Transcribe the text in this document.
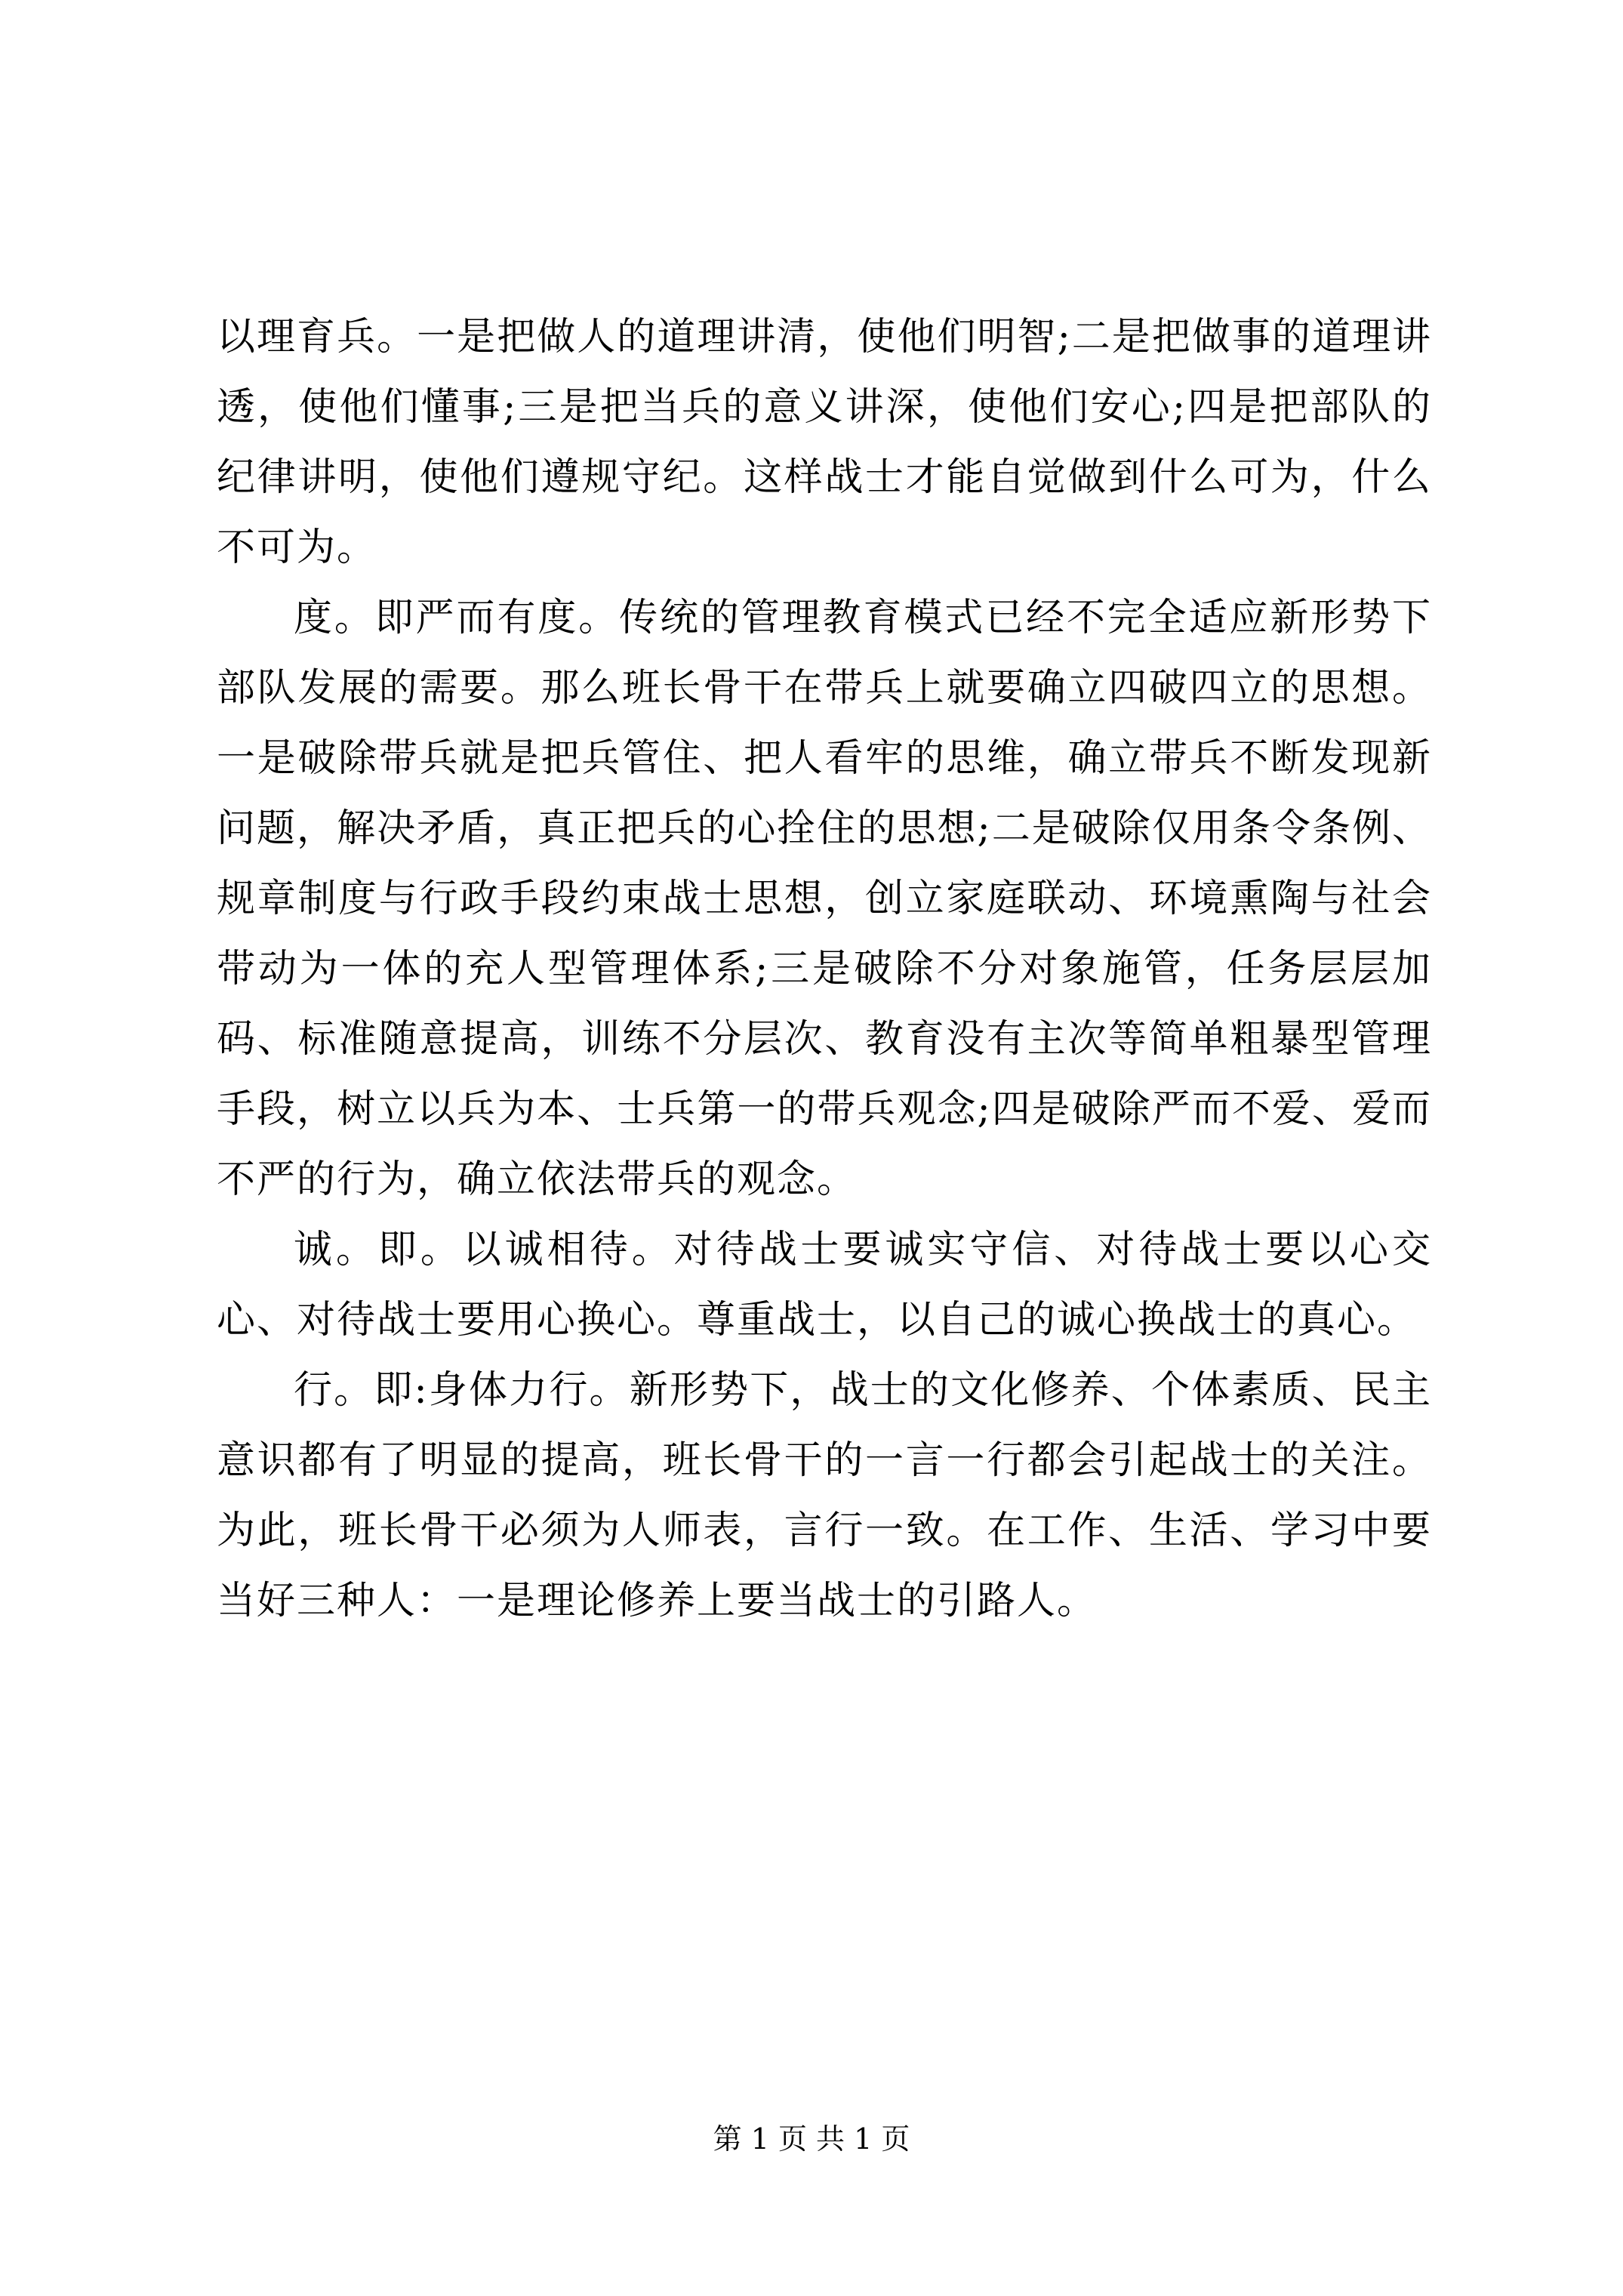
以理育兵。一是把做人的道理讲清，使他们明智;二是把做事的道理讲透，使他们懂事;三是把当兵的意义讲深，使他们安心;四是把部队的纪律讲明，使他们遵规守纪。这样战士才能自觉做到什么可为，什么不可为。

度。即严而有度。传统的管理教育模式已经不完全适应新形势下部队发展的需要。那么班长骨干在带兵上就要确立四破四立的思想。一是破除带兵就是把兵管住、把人看牢的思维，确立带兵不断发现新问题，解决矛盾，真正把兵的心拴住的思想;二是破除仅用条令条例、规章制度与行政手段约束战士思想，创立家庭联动、环境熏陶与社会带动为一体的充人型管理体系;三是破除不分对象施管，任务层层加码、标准随意提高，训练不分层次、教育没有主次等简单粗暴型管理手段，树立以兵为本、士兵第一的带兵观念;四是破除严而不爱、爱而不严的行为，确立依法带兵的观念。

诚。即。以诚相待。对待战士要诚实守信、对待战士要以心交心、对待战士要用心换心。尊重战士，以自己的诚心换战士的真心。

行。即:身体力行。新形势下，战士的文化修养、个体素质、民主意识都有了明显的提高，班长骨干的一言一行都会引起战士的关注。为此，班长骨干必须为人师表，言行一致。在工作、生活、学习中要当好三种人：一是理论修养上要当战士的引路人。

第 1 页 共 1 页
